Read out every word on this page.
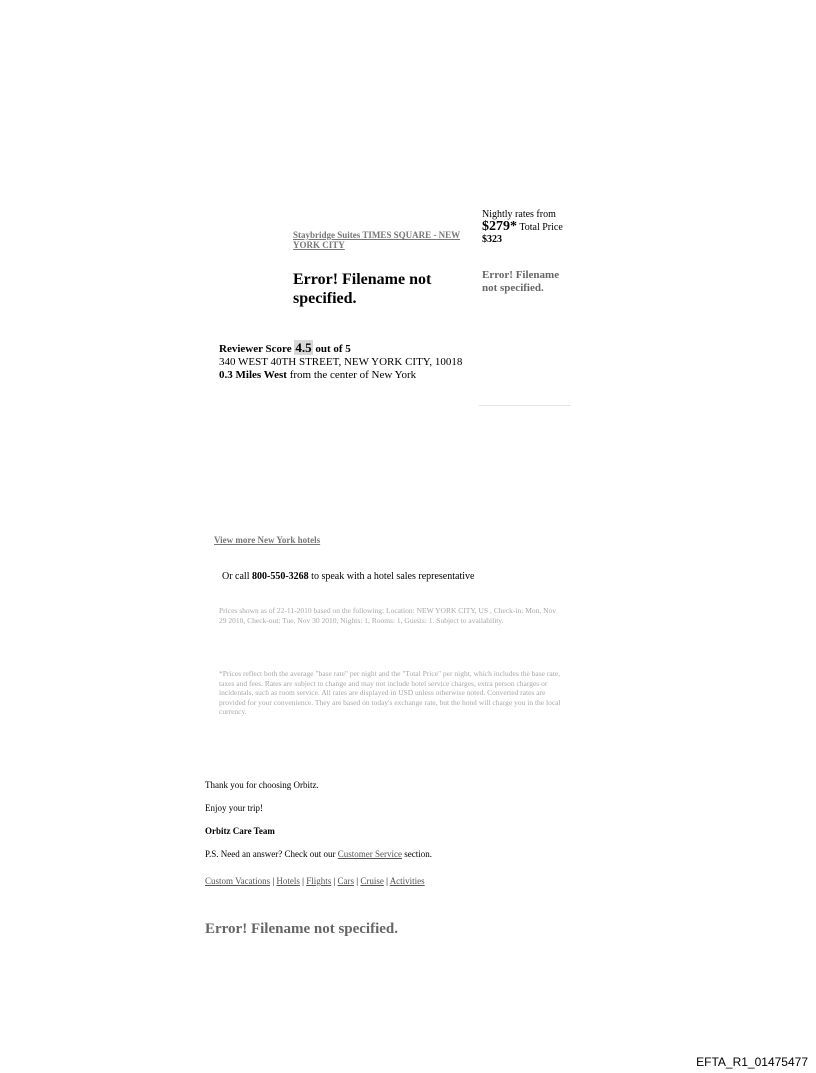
Staybridge Suites TIMES SQUARE - NEW YORK CITY
Error! Filename not specified.
Nightly rates from
$279* Total Price $323
Error! Filename not specified.
Reviewer Score 4.5 out of 5
340 WEST 40TH STREET, NEW YORK CITY, 10018
0.3 Miles West from the center of New York
View more New York hotels
Or call 800-550-3268 to speak with a hotel sales representative
Prices shown as of 22-11-2010 based on the following: Location: NEW YORK CITY, US , Check-in: Mon, Nov 29 2010, Check-out: Tue, Nov 30 2010, Nights: 1, Rooms: 1, Guests: 1. Subject to availability.
*Prices reflect both the average "base rate" per night and the "Total Price" per night, which includes the base rate, taxes and fees. Rates are subject to change and may not include hotel service charges, extra person charges or incidentals, such as room service. All rates are displayed in USD unless otherwise noted. Converted rates are provided for your convenience. They are based on today's exchange rate, but the hotel will charge you in the local currency.
Thank you for choosing Orbitz.
Enjoy your trip!
Orbitz Care Team
P.S. Need an answer? Check out our Customer Service section.
Custom Vacations | Hotels | Flights | Cars | Cruise | Activities
Error! Filename not specified.
EFTA_R1_01475477
